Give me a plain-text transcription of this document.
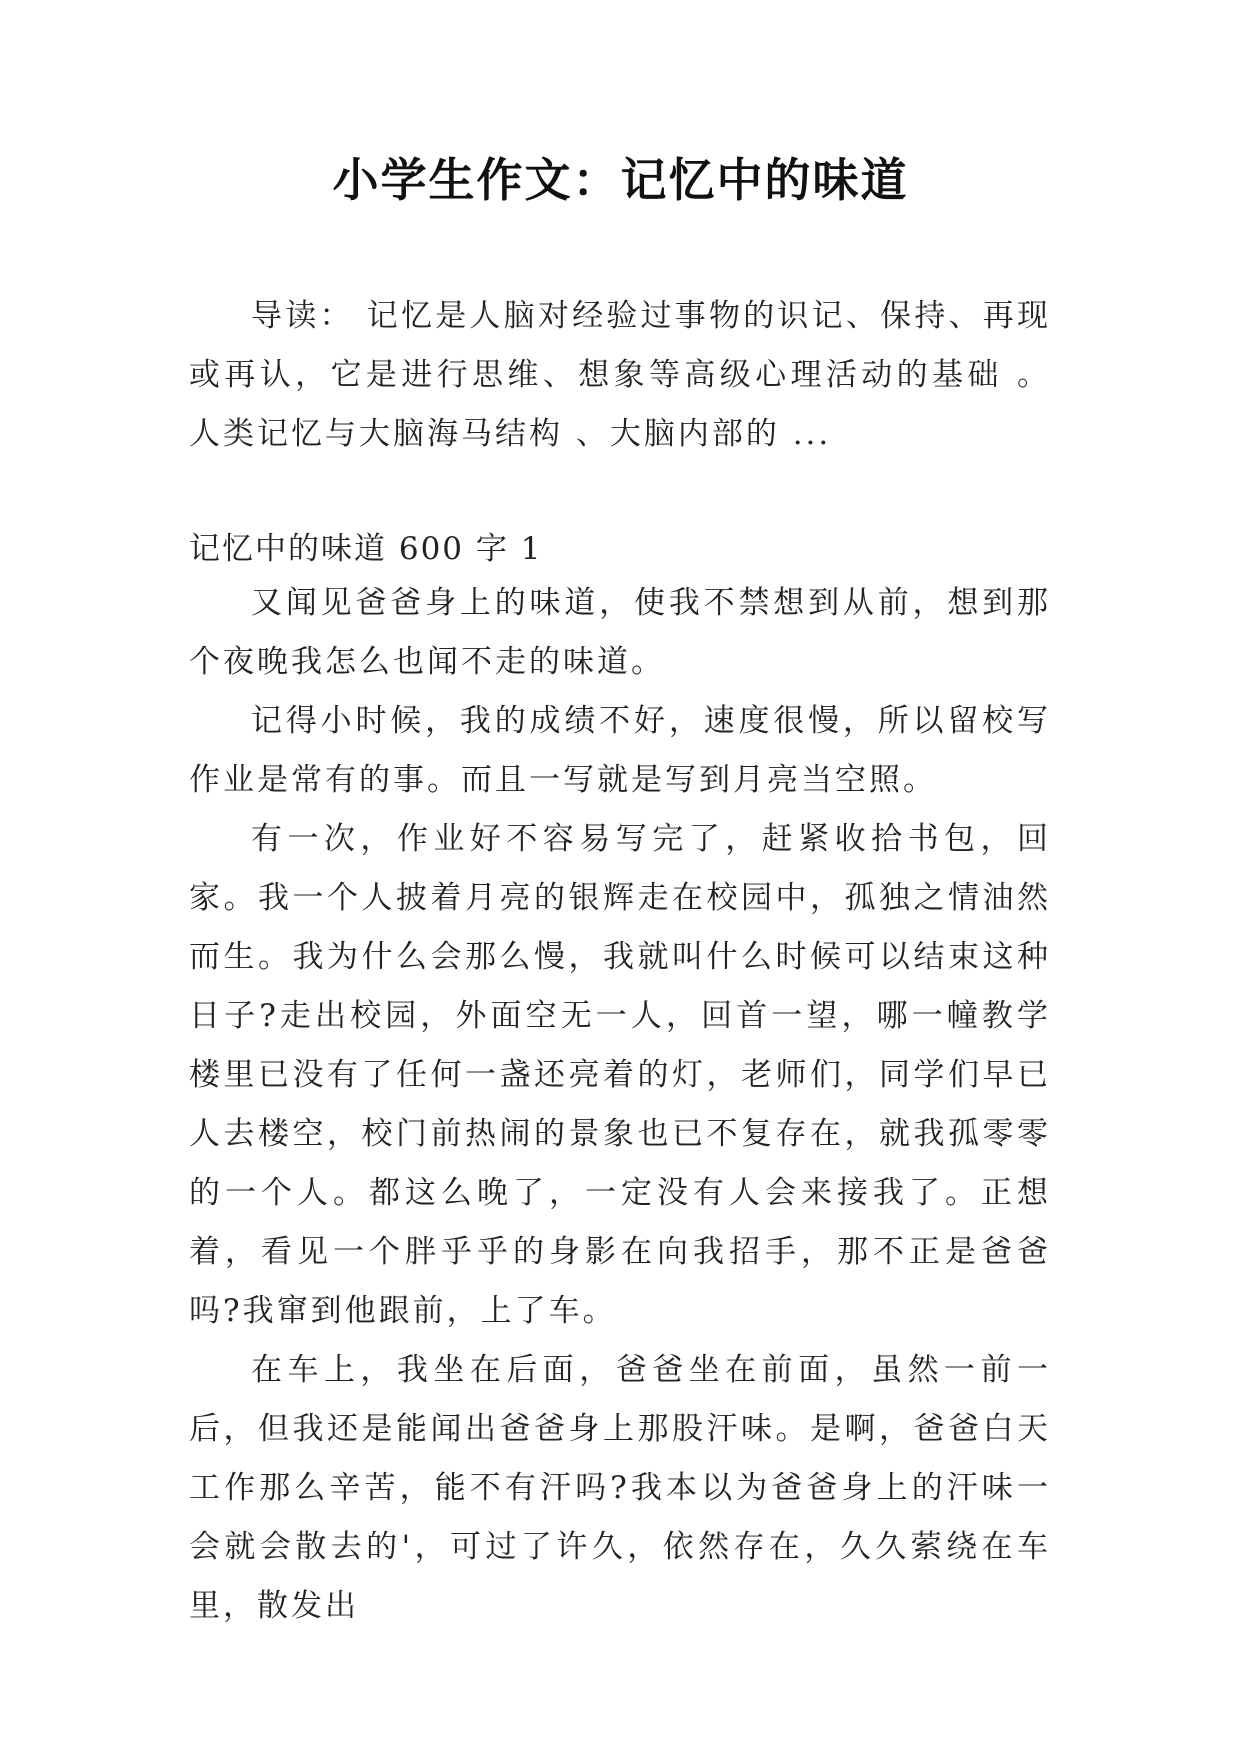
小学生作文：记忆中的味道

导读： 记忆是人脑对经验过事物的识记、保持、再现或再认，它是进行思维、想象等高级心理活动的基础 。人类记忆与大脑海马结构 、大脑内部的 ...

记忆中的味道 600 字 1

又闻见爸爸身上的味道，使我不禁想到从前，想到那个夜晚我怎么也闻不走的味道。

记得小时候，我的成绩不好，速度很慢，所以留校写作业是常有的事。而且一写就是写到月亮当空照。

有一次，作业好不容易写完了，赶紧收拾书包，回家。我一个人披着月亮的银辉走在校园中，孤独之情油然而生。我为什么会那么慢，我就叫什么时候可以结束这种日子?走出校园，外面空无一人，回首一望，哪一幢教学楼里已没有了任何一盏还亮着的灯，老师们，同学们早已人去楼空，校门前热闹的景象也已不复存在，就我孤零零的一个人。都这么晚了，一定没有人会来接我了。正想着，看见一个胖乎乎的身影在向我招手，那不正是爸爸吗?我窜到他跟前，上了车。

在车上，我坐在后面，爸爸坐在前面，虽然一前一后，但我还是能闻出爸爸身上那股汗味。是啊，爸爸白天工作那么辛苦，能不有汗吗?我本以为爸爸身上的汗味一会就会散去的'，可过了许久，依然存在，久久萦绕在车里，散发出
